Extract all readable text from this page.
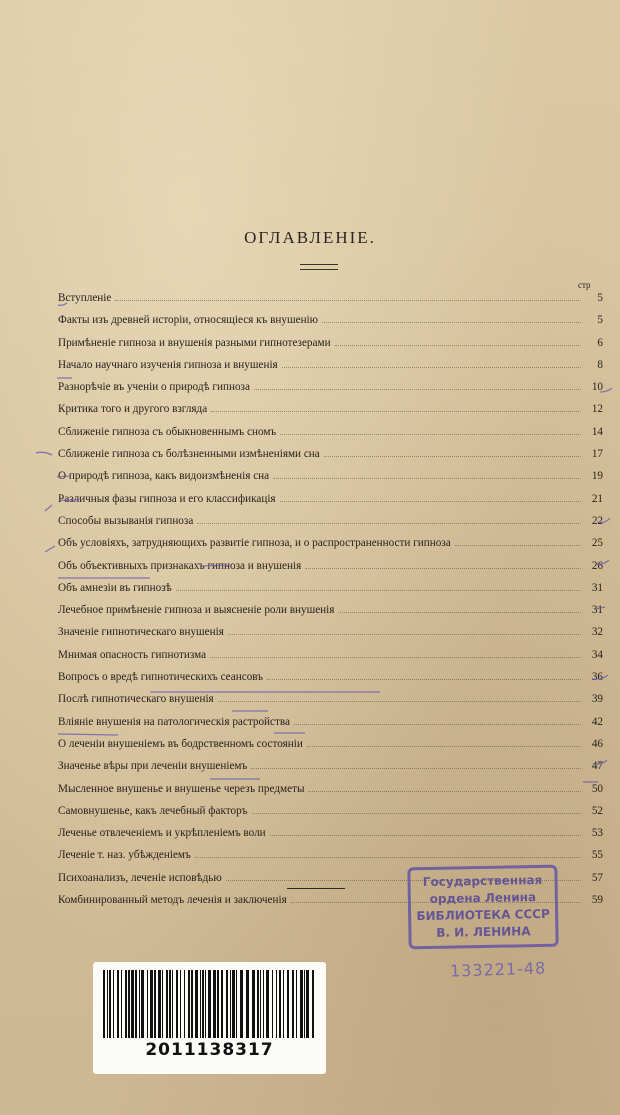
ОГЛАВЛЕНІЕ.
стр
Вступленіе	5
Факты изъ древней исторіи, относящіеся къ внушенію	5
Примѣненіе гипноза и внушенія разными гипнотезерами	6
Начало научнаго изученія гипноза и внушенія	8
Разнорѣчіе въ ученіи о природѣ гипноза	10
Критика того и другого взгляда	12
Сближеніе гипноза съ обыкновеннымъ сномъ	14
Сближеніе гипноза съ болѣзненными измѣненіями сна	17
О природѣ гипноза, какъ видоизмѣненія сна	19
Различныя фазы гипноза и его классификація	21
Способы вызыванія гипноза	22
Объ условіяхъ, затрудняющихъ развитіе гипноза, и о распространенности гипноза	25
Объ объективныхъ признакахъ гипноза и внушенія	26
Объ амнезіи въ гипнозѣ	31
Лечебное примѣненіе гипноза и выясненіе роли внушенія	31
Значеніе гипнотическаго внушенія	32
Мнимая опасность гипнотизма	34
Вопросъ о вредѣ гипнотическихъ сеансовъ	36
Послѣ гипнотическаго внушенія	39
Вліяніе внушенія на патологическія растройства	42
О леченіи внушеніемъ въ бодрственномъ состояніи	46
Значенье вѣры при леченіи внушеніемъ	47
Мысленное внушенье и внушенье черезъ предметы	50
Самовнушенье, какъ лечебный факторъ	52
Леченье отвлеченіемъ и укрѣпленіемъ воли	53
Леченіе т. наз. убѣжденіемъ	55
Психоанализъ, леченіе исповѣдью	57
Комбинированный методъ леченія и заключенія	59
Государственная
ордена Ленина
БИБЛИОТЕКА СССР
В. И. ЛЕНИНА
133221-48
2011138317
